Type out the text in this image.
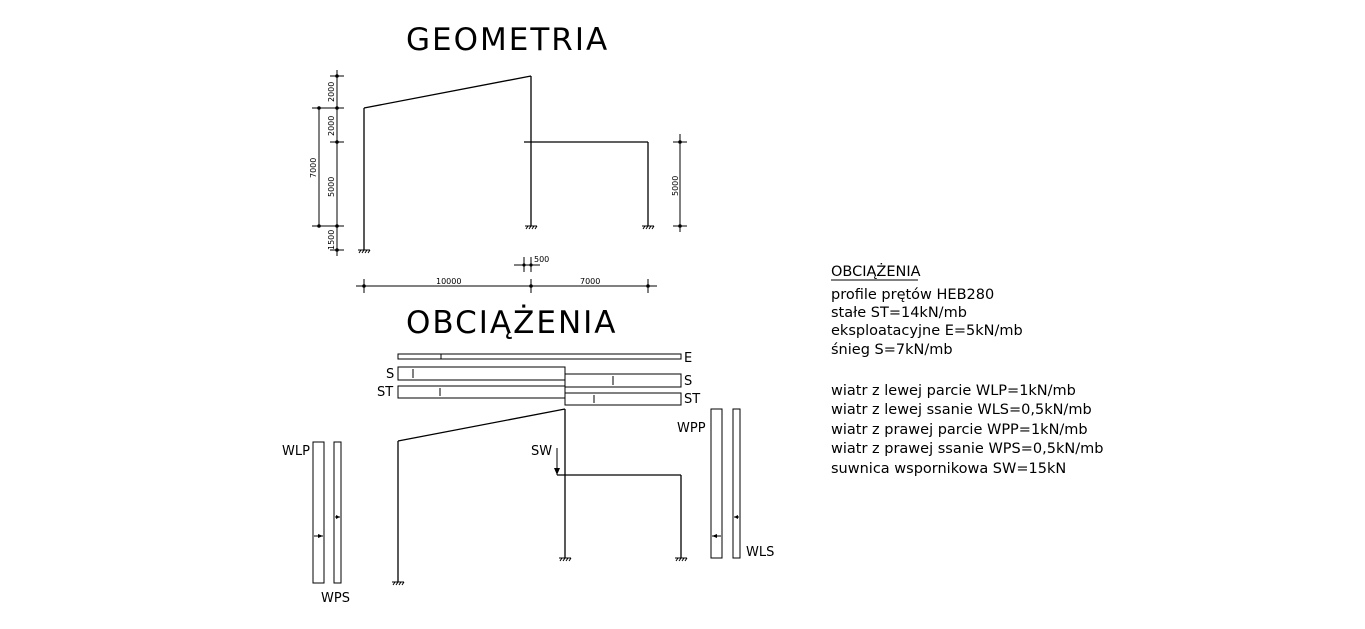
GEOMETRIA
2000
2000
7000
5000
1500
5000
500
10000	7000
OBCIĄŻENIA
E
S	S
ST	ST
SW
WLP
WPS
WPP
WLS
OBCIĄŻENIA
profile prętów HEB280
stałe ST=14kN/mb
eksploatacyjne E=5kN/mb
śnieg S=7kN/mb
wiatr z lewej parcie WLP=1kN/mb
wiatr z lewej ssanie WLS=0,5kN/mb
wiatr z prawej parcie WPP=1kN/mb
wiatr z prawej ssanie WPS=0,5kN/mb
suwnica wspornikowa SW=15kN
